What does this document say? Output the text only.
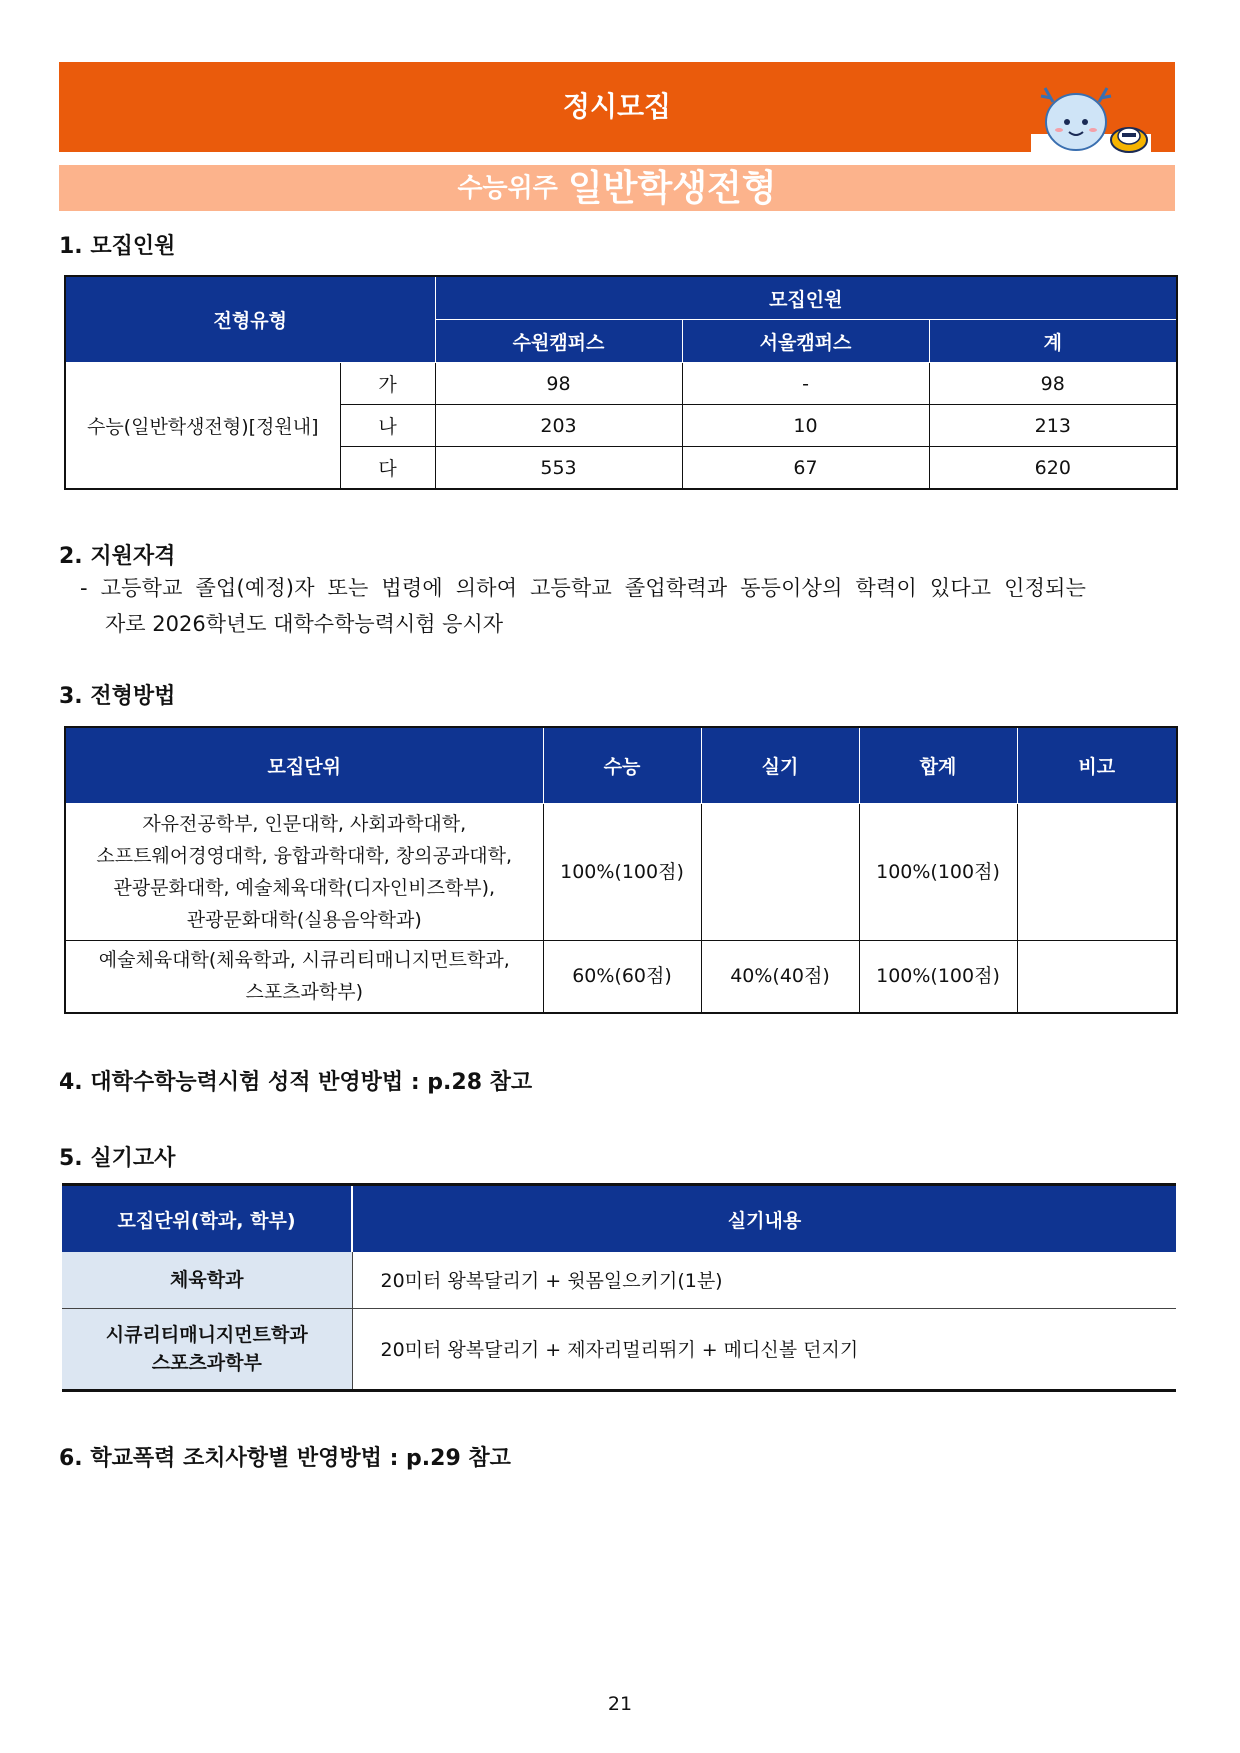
정시모집
수능위주 일반학생전형
1. 모집인원
전형유형		모집인원		
		수원캠퍼스	서울캠퍼스	계
수능(일반학생전형)[정원내]	가	98	-	98
	나	203	10	213
	다	553	67	620
2. 지원자격

- 고등학교 졸업(예정)자 또는 법령에 의하여 고등학교 졸업학력과 동등이상의 학력이 있다고 인정되는

자로 2026학년도 대학수학능력시험 응시자

3. 전형방법
모집단위	수능	실기	합계	비고

자유전공학부, 인문대학, 사회과학대학,
소프트웨어경영대학, 융합과학대학, 창의공과대학,
관광문화대학, 예술체육대학(디자인비즈학부),
관광문화대학(실용음악학과)	100%(100점)		100%(100점)	

예술체육대학(체육학과, 시큐리티매니지먼트학과,
스포츠과학부)	60%(60점)	40%(40점)	100%(100점)	
4. 대학수학능력시험 성적 반영방법 : p.28 참고
5. 실기고사
모집단위(학과, 학부)	실기내용
체육학과	20미터 왕복달리기 + 윗몸일으키기(1분)

시큐리티매니지먼트학과
스포츠과학부	20미터 왕복달리기 + 제자리멀리뛰기 + 메디신볼 던지기
6. 학교폭력 조치사항별 반영방법 : p.29 참고
21
